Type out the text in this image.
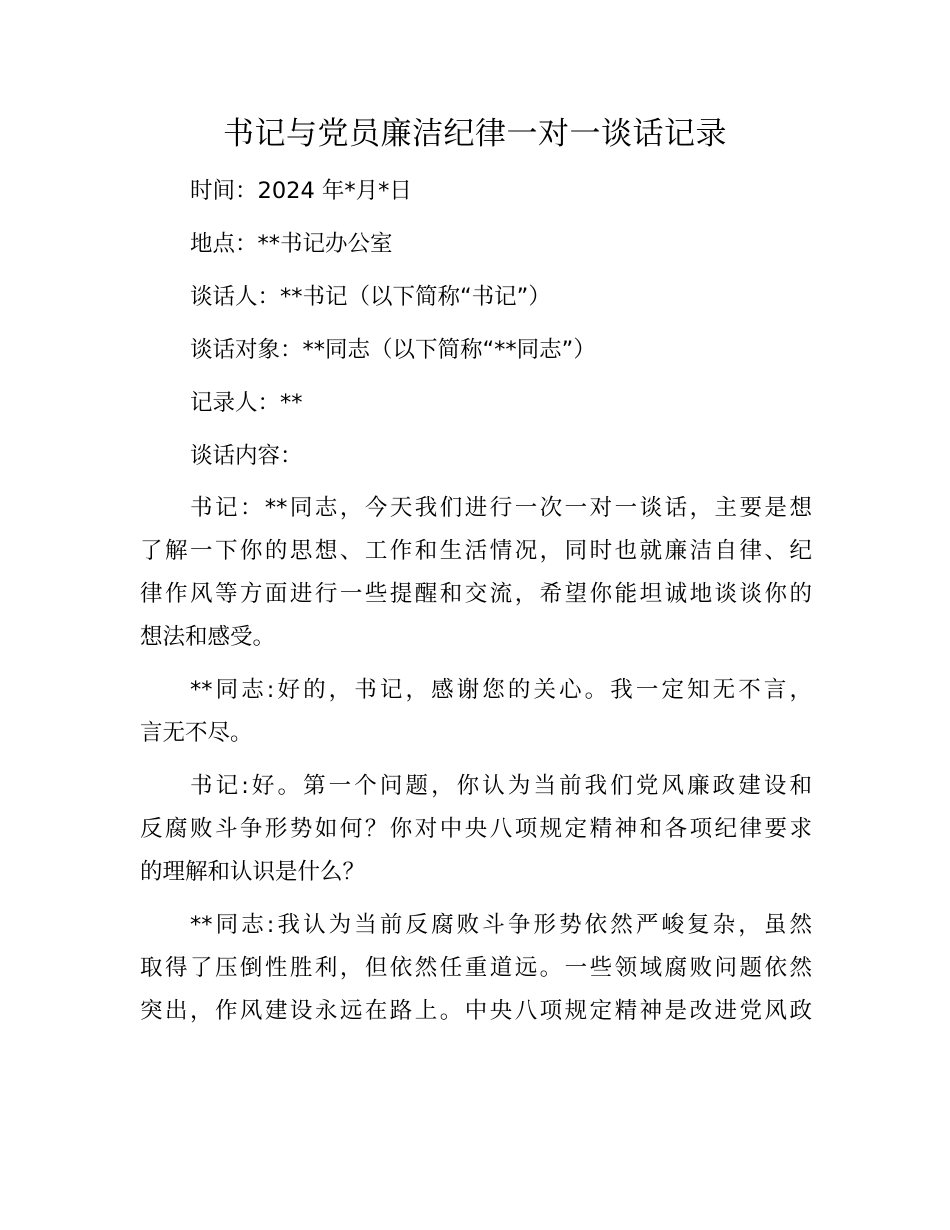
书记与党员廉洁纪律一对一谈话记录
时间：2024 年*月*日
地点：**书记办公室
谈话人：**书记（以下简称“书记”）
谈话对象：**同志（以下简称“**同志”）
记录人：**
谈话内容：
书记：**同志，今天我们进行一次一对一谈话，主要是想
了解一下你的思想、工作和生活情况，同时也就廉洁自律、纪
律作风等方面进行一些提醒和交流，希望你能坦诚地谈谈你的
想法和感受。
**同志:好的，书记，感谢您的关心。我一定知无不言，
言无不尽。
书记:好。第一个问题，你认为当前我们党风廉政建设和
反腐败斗争形势如何？你对中央八项规定精神和各项纪律要求
的理解和认识是什么？
**同志:我认为当前反腐败斗争形势依然严峻复杂，虽然
取得了压倒性胜利，但依然任重道远。一些领域腐败问题依然
突出，作风建设永远在路上。中央八项规定精神是改进党风政
